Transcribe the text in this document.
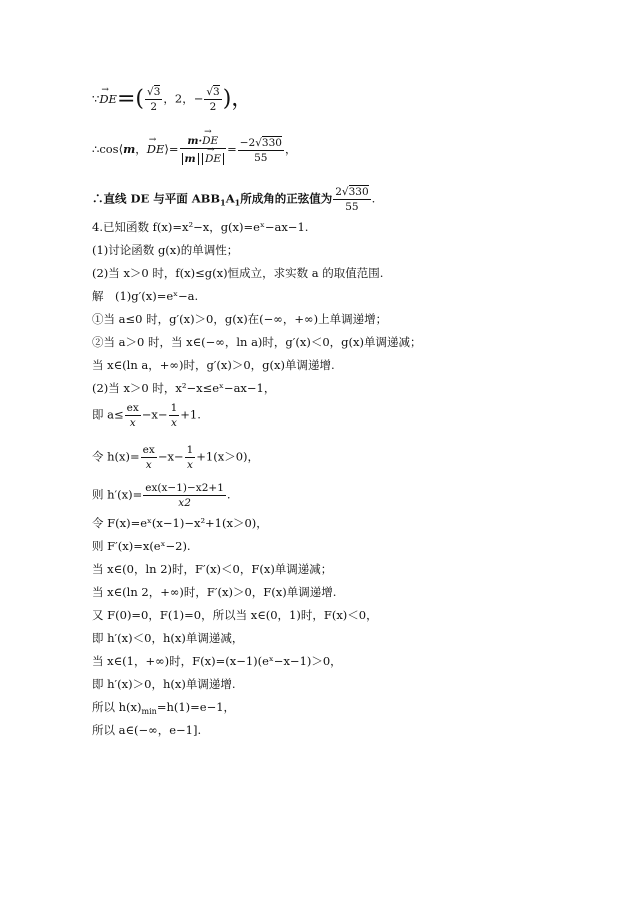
∵→ $DE=( \frac{√3}{2}$ ，2，− $\frac{√3}{2}$ )，
∴cos⟨m，→ DE⟩= $\frac{m\cdot\to DE}{m \to DE} = \frac{-2√330}{55}$ ，
∴直线 DE 与平面 $ABB_1A_1$所成角的正弦值为 $\frac{2√330}{55}$ .
4.已知函数 f(x)=x²−x，g(x)=eˣ−ax−1.
(1)讨论函数 g(x)的单调性；
(2)当 x＞0 时，f(x)≤g(x)恒成立，求实数 a 的取值范围.
解　(1)g′(x)=eˣ−a.
①当 a≤0 时，g′(x)＞0，g(x)在(−∞，+∞)上单调递增；
②当 a＞0 时，当 x∈(−∞，ln a)时，g′(x)＜0，g(x)单调递减；
当 x∈(ln a，+∞)时，g′(x)＞0，g(x)单调递增.
(2)当 x＞0 时，x²−x≤eˣ−ax−1，
即 $a\le \frac{ex}{x} -x- \frac{1}{x} +1$.
令 $h(x)= \frac{ex}{x} -x- \frac{1}{x} +1(x>0)$，
则 $h'(x)= \frac{ex(x-1)-x2+1}{x2}$ .
令 F(x)=eˣ(x−1)−x²+1(x＞0)，
则 F′(x)=x(eˣ−2).
当 x∈(0，ln 2)时，F′(x)＜0，F(x)单调递减；
当 x∈(ln 2，+∞)时，F′(x)＞0，F(x)单调递增.
又 F(0)=0，F(1)=0，所以当 x∈(0，1)时，F(x)＜0，
即 h′(x)＜0，h(x)单调递减，
当 x∈(1，+∞)时，F(x)=(x−1)(eˣ−x−1)＞0，
即 h′(x)＞0，h(x)单调递增.
所以 $h(x)_{min}=h(1)=e-1$，
所以 a∈(−∞，e−1].
